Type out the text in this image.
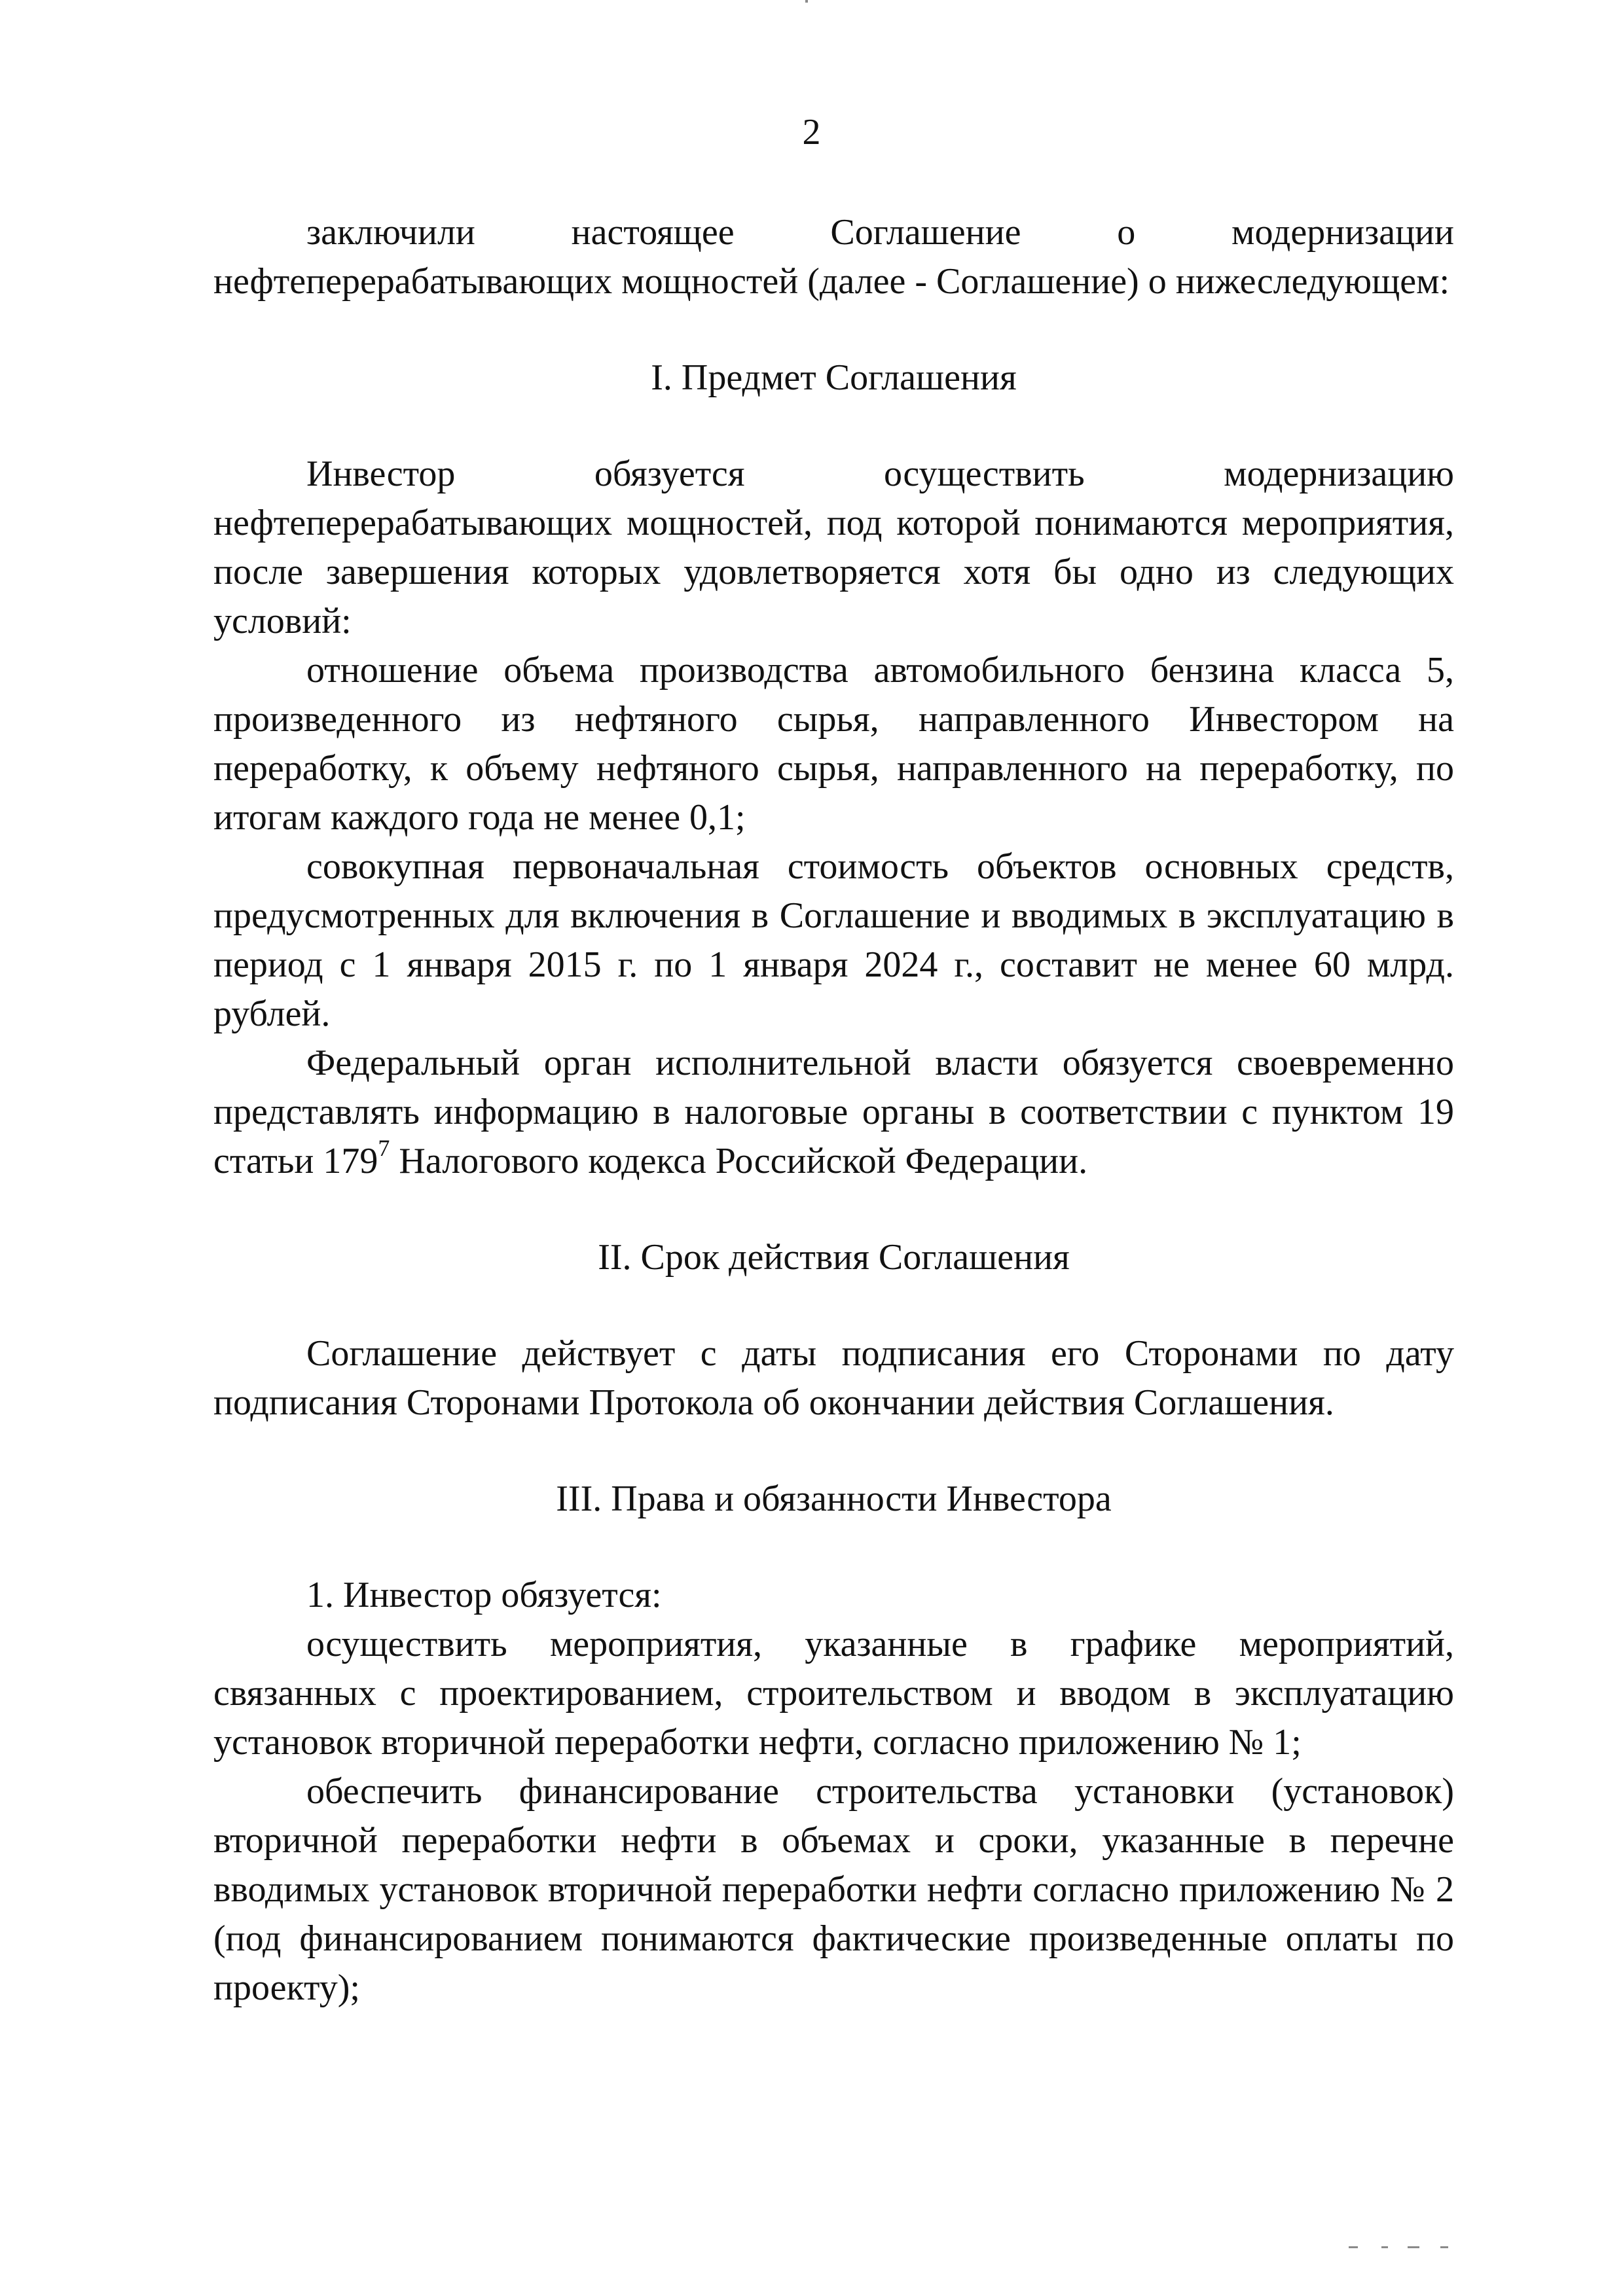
2

заключили настоящее Соглашение о модернизации нефтеперерабатывающих мощностей (далее - Соглашение) о нижеследующем:

I. Предмет Соглашения

Инвестор обязуется осуществить модернизацию нефтеперерабатывающих мощностей, под которой понимаются мероприятия, после завершения которых удовлетворяется хотя бы одно из следующих условий:

отношение объема производства автомобильного бензина класса 5, произведенного из нефтяного сырья, направленного Инвестором на переработку, к объему нефтяного сырья, направленного на переработку, по итогам каждого года не менее 0,1;

совокупная первоначальная стоимость объектов основных средств, предусмотренных для включения в Соглашение и вводимых в эксплуатацию в период с 1 января 2015 г. по 1 января 2024 г., составит не менее 60 млрд. рублей.

Федеральный орган исполнительной власти обязуется своевременно представлять информацию в налоговые органы в соответствии с пунктом 19 статьи $179^7$ Налогового кодекса Российской Федерации.

II. Срок действия Соглашения

Соглашение действует с даты подписания его Сторонами по дату подписания Сторонами Протокола об окончании действия Соглашения.

III. Права и обязанности Инвестора

1. Инвестор обязуется:

осуществить мероприятия, указанные в графике мероприятий, связанных с проектированием, строительством и вводом в эксплуатацию установок вторичной переработки нефти, согласно приложению № 1;

обеспечить финансирование строительства установки (установок) вторичной переработки нефти в объемах и сроки, указанные в перечне вводимых установок вторичной переработки нефти согласно приложению № 2 (под финансированием понимаются фактические произведенные оплаты по проекту);
